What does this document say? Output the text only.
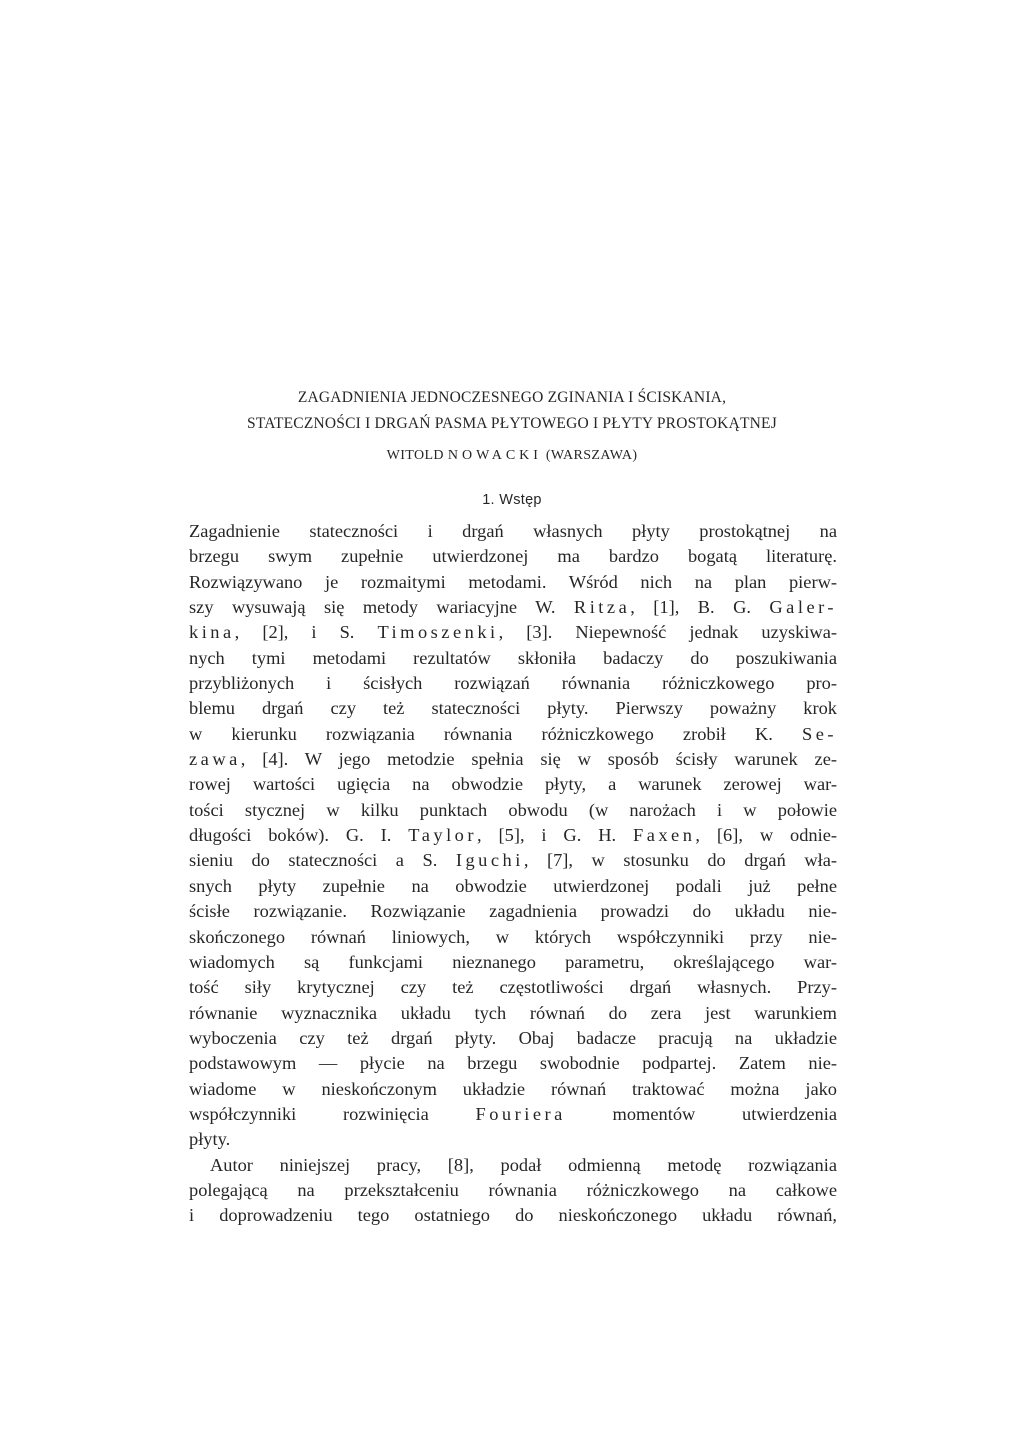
ZAGADNIENIA JEDNOCZESNEGO ZGINANIA I ŚCISKANIA,
STATECZNOŚCI I DRGAŃ PASMA PŁYTOWEGO I PŁYTY PROSTOKĄTNEJ
WITOLD NOWACKI (WARSZAWA)
1. Wstęp
Zagadnienie stateczności i drgań własnych płyty prostokątnej na
brzegu swym zupełnie utwierdzonej ma bardzo bogatą literaturę.
Rozwiązywano je rozmaitymi metodami. Wśród nich na plan pierw-
szy wysuwają się metody wariacyjne W. Ritza, [1], B. G. Galer-
kina, [2], i S. Timoszenki, [3]. Niepewność jednak uzyskiwa-
nych tymi metodami rezultatów skłoniła badaczy do poszukiwania
przybliżonych i ścisłych rozwiązań równania różniczkowego pro-
blemu drgań czy też stateczności płyty. Pierwszy poważny krok
w kierunku rozwiązania równania różniczkowego zrobił K. Se-
zawa, [4]. W jego metodzie spełnia się w sposób ścisły warunek ze-
rowej wartości ugięcia na obwodzie płyty, a warunek zerowej war-
tości stycznej w kilku punktach obwodu (w narożach i w połowie
długości boków). G. I. Taylor, [5], i G. H. Faxen, [6], w odnie-
sieniu do stateczności a S. Iguchi, [7], w stosunku do drgań wła-
snych płyty zupełnie na obwodzie utwierdzonej podali już pełne
ścisłe rozwiązanie. Rozwiązanie zagadnienia prowadzi do układu nie-
skończonego równań liniowych, w których współczynniki przy nie-
wiadomych są funkcjami nieznanego parametru, określającego war-
tość siły krytycznej czy też częstotliwości drgań własnych. Przy-
równanie wyznacznika układu tych równań do zera jest warunkiem
wyboczenia czy też drgań płyty. Obaj badacze pracują na układzie
podstawowym — płycie na brzegu swobodnie podpartej. Zatem nie-
wiadome w nieskończonym układzie równań traktować można jako
współczynniki rozwinięcia Fouriera momentów utwierdzenia
płyty.
Autor niniejszej pracy, [8], podał odmienną metodę rozwiązania
polegającą na przekształceniu równania różniczkowego na całkowe
i doprowadzeniu tego ostatniego do nieskończonego układu równań,
